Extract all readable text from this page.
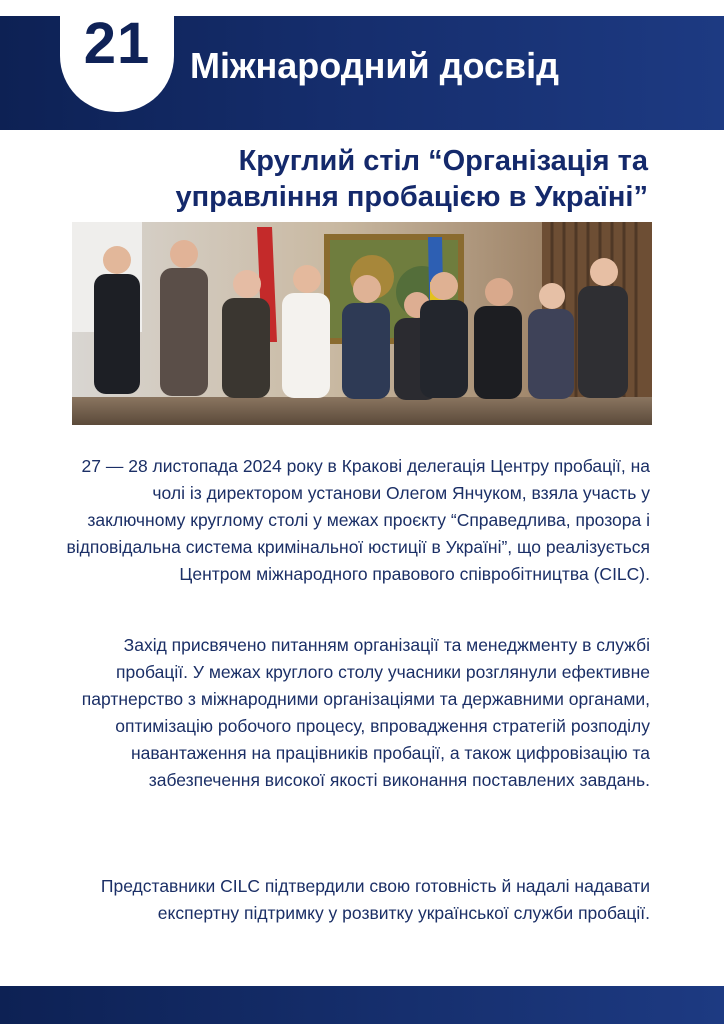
21	Міжнародний досвід
Круглий стіл “Організація та
управління пробацією в Україні”
27 — 28 листопада 2024 року в Кракові делегація Центру пробації, на чолі із директором установи Олегом Янчуком, взяла участь у заключному круглому столі у межах проєкту “Справедлива, прозора і відповідальна система кримінальної юстиції в Україні”, що реалізується Центром міжнародного правового співробітництва (CILC).
Захід присвячено питанням організації та менеджменту в службі пробації. У межах круглого столу учасники розглянули ефективне партнерство з міжнародними організаціями та державними органами, оптимізацію робочого процесу, впровадження стратегій розподілу навантаження на працівників пробації, а також цифровізацію та забезпечення високої якості виконання поставлених завдань.
Представники CILC підтвердили свою готовність й надалі надавати експертну підтримку у розвитку української служби пробації.
